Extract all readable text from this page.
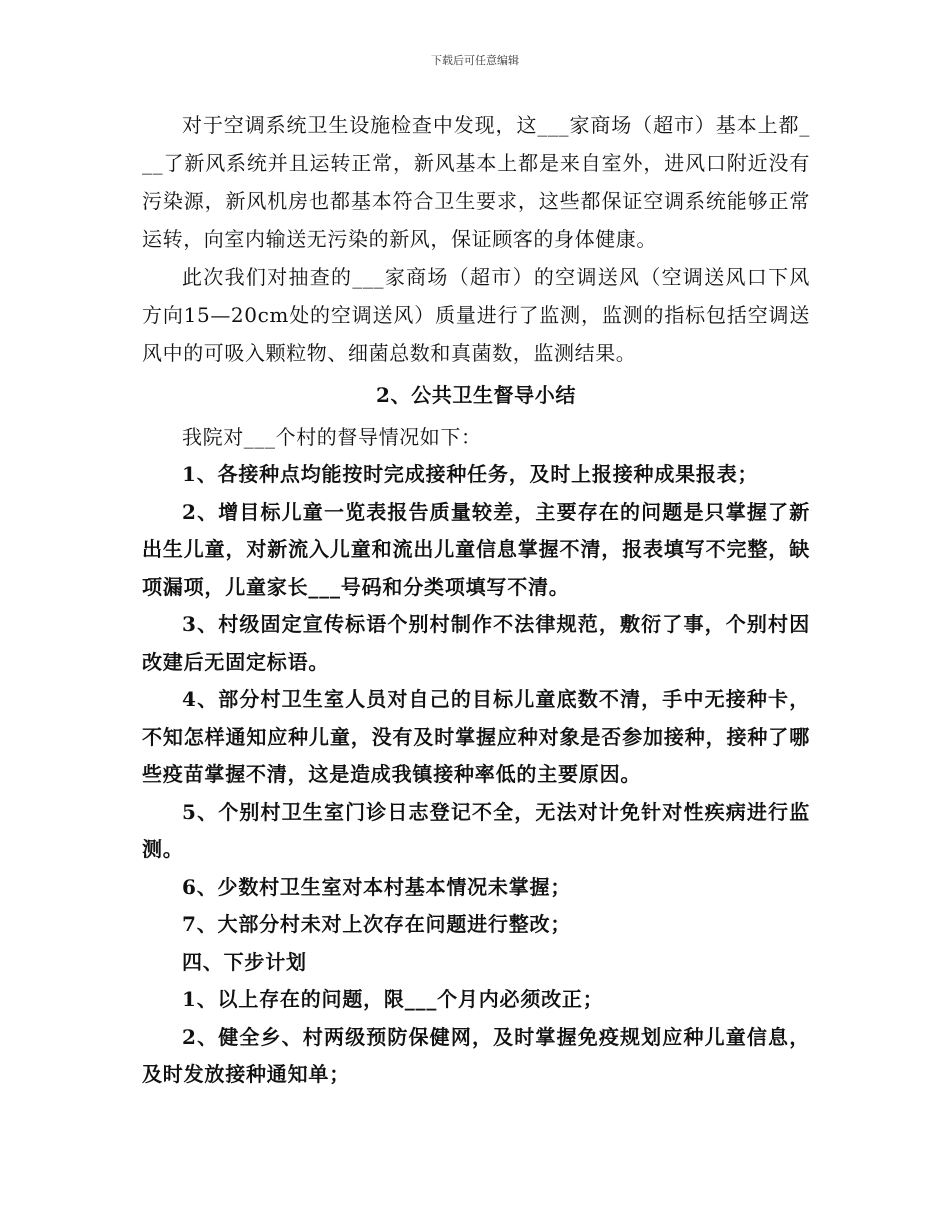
下载后可任意编辑

对于空调系统卫生设施检查中发现，这___家商场（超市）基本上都___了新风系统并且运转正常，新风基本上都是来自室外，进风口附近没有污染源，新风机房也都基本符合卫生要求，这些都保证空调系统能够正常运转，向室内输送无污染的新风，保证顾客的身体健康。

此次我们对抽查的___家商场（超市）的空调送风（空调送风口下风方向15—20cm处的空调送风）质量进行了监测，监测的指标包括空调送风中的可吸入颗粒物、细菌总数和真菌数，监测结果。

2、公共卫生督导小结

我院对___个村的督导情况如下：

1、各接种点均能按时完成接种任务，及时上报接种成果报表；

2、增目标儿童一览表报告质量较差，主要存在的问题是只掌握了新出生儿童，对新流入儿童和流出儿童信息掌握不清，报表填写不完整，缺项漏项，儿童家长___号码和分类项填写不清。

3、村级固定宣传标语个别村制作不法律规范，敷衍了事，个别村因改建后无固定标语。

4、部分村卫生室人员对自己的目标儿童底数不清，手中无接种卡，不知怎样通知应种儿童，没有及时掌握应种对象是否参加接种，接种了哪些疫苗掌握不清，这是造成我镇接种率低的主要原因。

5、个别村卫生室门诊日志登记不全，无法对计免针对性疾病进行监测。

6、少数村卫生室对本村基本情况未掌握；

7、大部分村未对上次存在问题进行整改；

四、下步计划

1、以上存在的问题，限___个月内必须改正；

2、健全乡、村两级预防保健网，及时掌握免疫规划应种儿童信息，及时发放接种通知单；
